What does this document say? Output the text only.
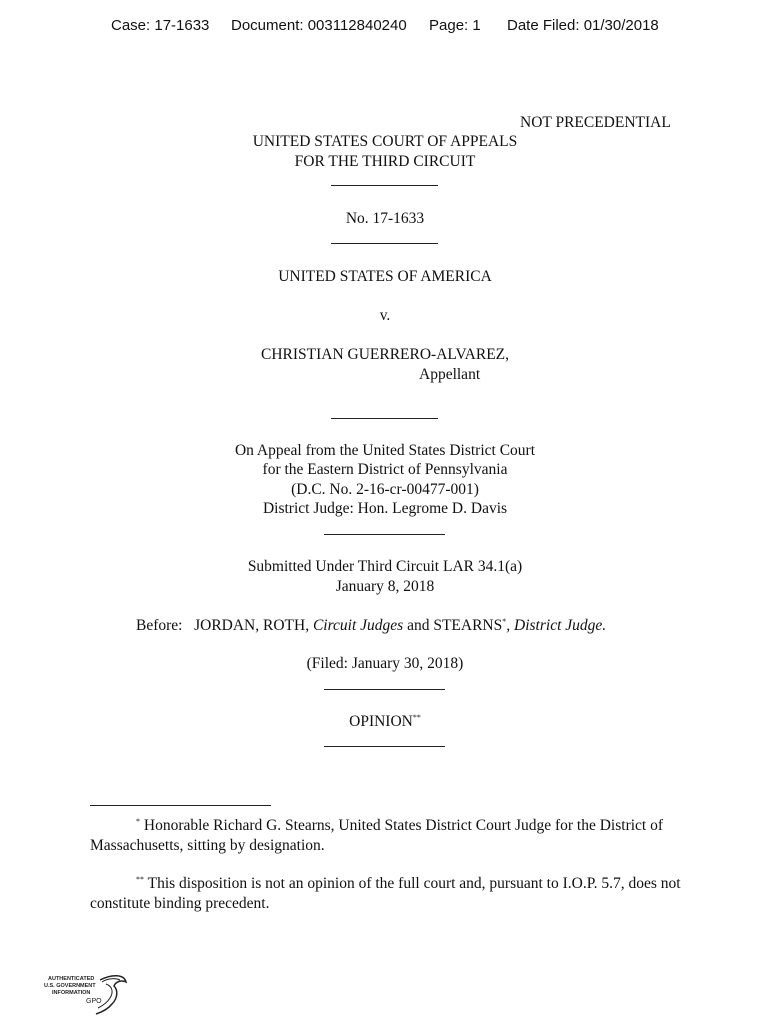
Case: 17-1633 Document: 003112840240 Page: 1 Date Filed: 01/30/2018
NOT PRECEDENTIAL
UNITED STATES COURT OF APPEALS
FOR THE THIRD CIRCUIT
No. 17-1633
UNITED STATES OF AMERICA
v.
CHRISTIAN GUERRERO-ALVAREZ,
Appellant
On Appeal from the United States District Court
for the Eastern District of Pennsylvania
(D.C. No. 2-16-cr-00477-001)
District Judge: Hon. Legrome D. Davis
Submitted Under Third Circuit LAR 34.1(a)
January 8, 2018
Before: JORDAN, ROTH, Circuit Judges and STEARNS*, District Judge.
(Filed: January 30, 2018)
OPINION**
* Honorable Richard G. Stearns, United States District Court Judge for the District of Massachusetts, sitting by designation.
** This disposition is not an opinion of the full court and, pursuant to I.O.P. 5.7, does not constitute binding precedent.
AUTHENTICATED
U.S. GOVERNMENT
INFORMATION
GPO
